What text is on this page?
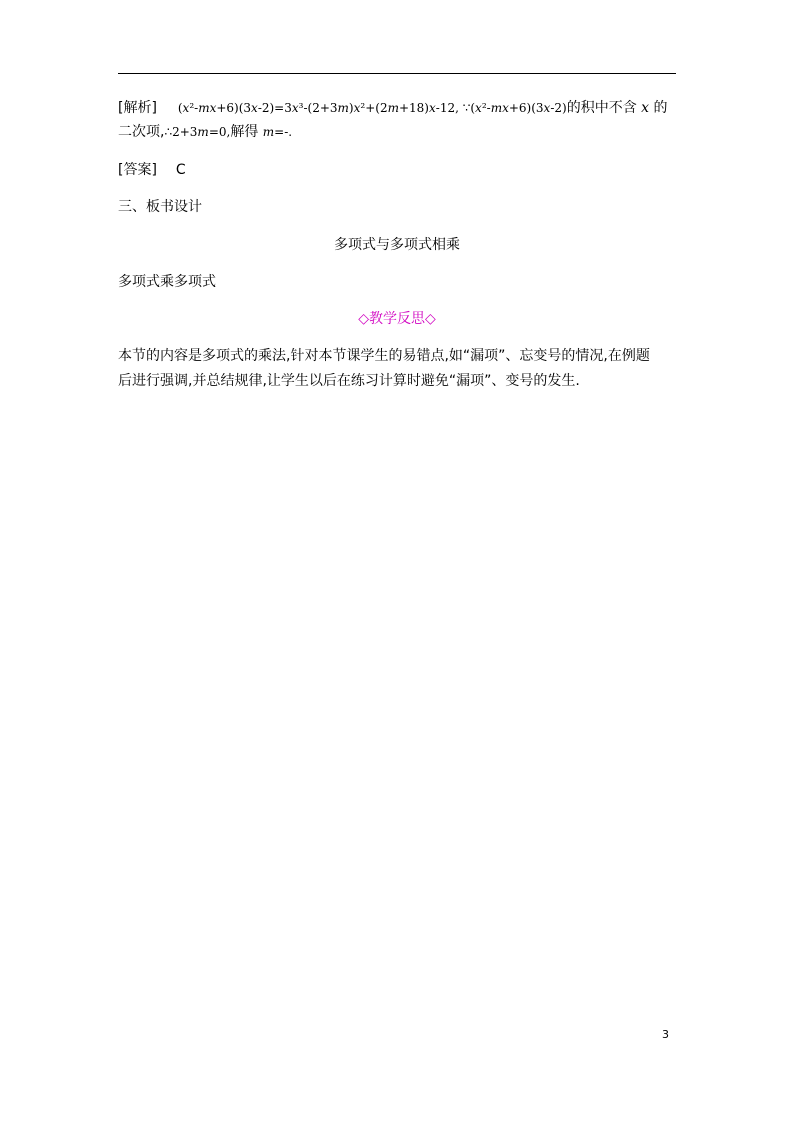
[解析] (x²-mx+6)(3x-2)=3x³-(2+3m)x²+(2m+18)x-12, ∵(x²-mx+6)(3x-2)的积中不含 x 的
二次项,∴2+3m=0,解得 m=-.
[答案] C
三、板书设计
多项式与多项式相乘
多项式乘多项式
◇教学反思◇
本节的内容是多项式的乘法,针对本节课学生的易错点,如“漏项”、忘变号的情况,在例题
后进行强调,并总结规律,让学生以后在练习计算时避免“漏项”、变号的发生.
3
